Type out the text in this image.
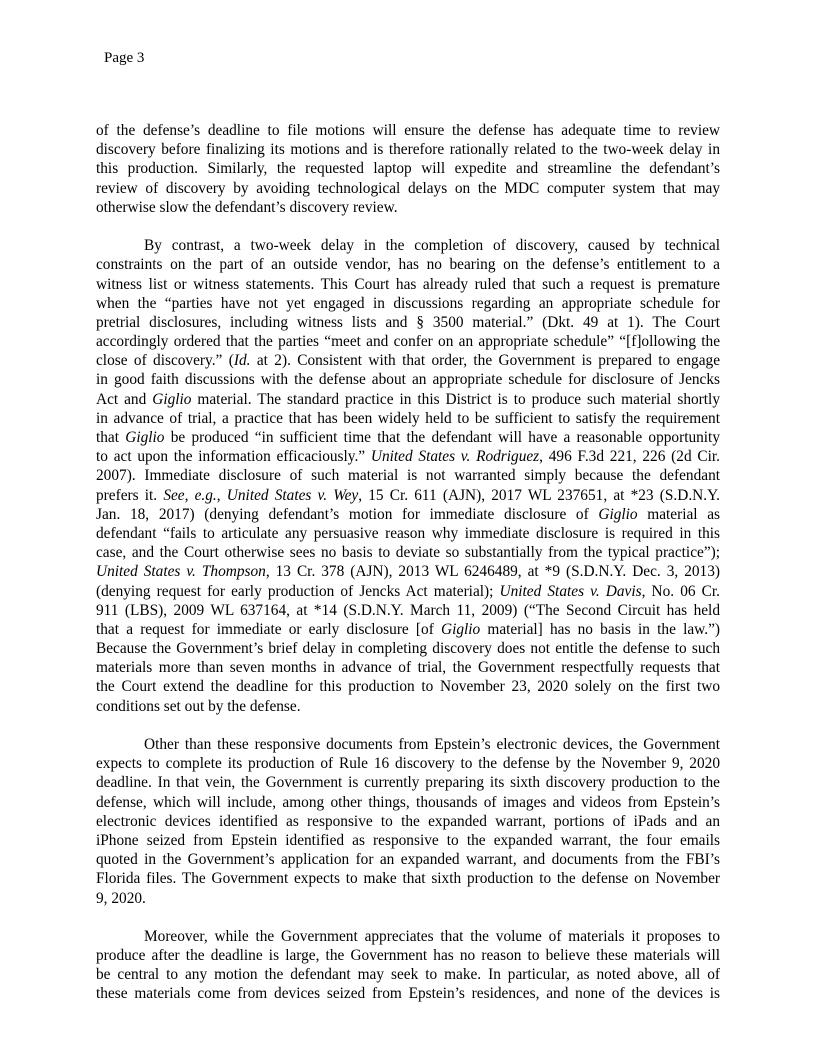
Page 3
of the defense’s deadline to file motions will ensure the defense has adequate time to review
discovery before finalizing its motions and is therefore rationally related to the two-week delay in
this production. Similarly, the requested laptop will expedite and streamline the defendant’s
review of discovery by avoiding technological delays on the MDC computer system that may
otherwise slow the defendant’s discovery review.
By contrast, a two-week delay in the completion of discovery, caused by technical
constraints on the part of an outside vendor, has no bearing on the defense’s entitlement to a
witness list or witness statements. This Court has already ruled that such a request is premature
when the “parties have not yet engaged in discussions regarding an appropriate schedule for
pretrial disclosures, including witness lists and § 3500 material.” (Dkt. 49 at 1). The Court
accordingly ordered that the parties “meet and confer on an appropriate schedule” “[f]ollowing the
close of discovery.” (Id. at 2). Consistent with that order, the Government is prepared to engage
in good faith discussions with the defense about an appropriate schedule for disclosure of Jencks
Act and Giglio material. The standard practice in this District is to produce such material shortly
in advance of trial, a practice that has been widely held to be sufficient to satisfy the requirement
that Giglio be produced “in sufficient time that the defendant will have a reasonable opportunity
to act upon the information efficaciously.” United States v. Rodriguez, 496 F.3d 221, 226 (2d Cir.
2007). Immediate disclosure of such material is not warranted simply because the defendant
prefers it. See, e.g., United States v. Wey, 15 Cr. 611 (AJN), 2017 WL 237651, at *23 (S.D.N.Y.
Jan. 18, 2017) (denying defendant’s motion for immediate disclosure of Giglio material as
defendant “fails to articulate any persuasive reason why immediate disclosure is required in this
case, and the Court otherwise sees no basis to deviate so substantially from the typical practice”);
United States v. Thompson, 13 Cr. 378 (AJN), 2013 WL 6246489, at *9 (S.D.N.Y. Dec. 3, 2013)
(denying request for early production of Jencks Act material); United States v. Davis, No. 06 Cr.
911 (LBS), 2009 WL 637164, at *14 (S.D.N.Y. March 11, 2009) (“The Second Circuit has held
that a request for immediate or early disclosure [of Giglio material] has no basis in the law.”)
Because the Government’s brief delay in completing discovery does not entitle the defense to such
materials more than seven months in advance of trial, the Government respectfully requests that
the Court extend the deadline for this production to November 23, 2020 solely on the first two
conditions set out by the defense.
Other than these responsive documents from Epstein’s electronic devices, the Government
expects to complete its production of Rule 16 discovery to the defense by the November 9, 2020
deadline. In that vein, the Government is currently preparing its sixth discovery production to the
defense, which will include, among other things, thousands of images and videos from Epstein’s
electronic devices identified as responsive to the expanded warrant, portions of iPads and an
iPhone seized from Epstein identified as responsive to the expanded warrant, the four emails
quoted in the Government’s application for an expanded warrant, and documents from the FBI’s
Florida files. The Government expects to make that sixth production to the defense on November
9, 2020.
Moreover, while the Government appreciates that the volume of materials it proposes to
produce after the deadline is large, the Government has no reason to believe these materials will
be central to any motion the defendant may seek to make. In particular, as noted above, all of
these materials come from devices seized from Epstein’s residences, and none of the devices is
